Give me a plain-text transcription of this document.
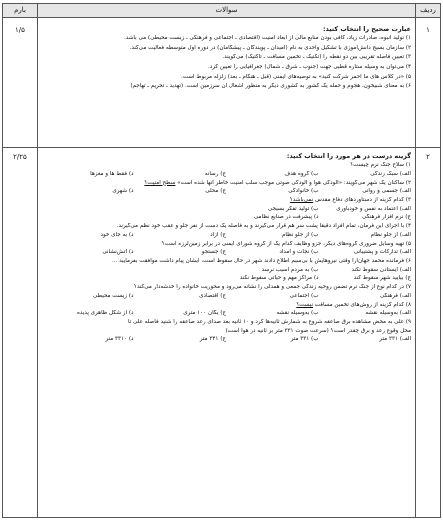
ردیف
سوالات
بارم
۱
۱/۵	عبارت صحیح را انتخاب کنید:
۱) تولید انبوه، صادرات زیاد، کافی بودن منابع مالی از ابعاد امنیت (اقتصادی ـ اجتماعی و فرهنگی ـ زیست محیطی) می باشد.
۲) سازمان بسیج دانش‌آموزی با تشکیل واحدی به نام (امیدان ـ پویندگان ـ پیشگامان) در دوره اول متوسطه فعالیت می‌کند.
۳) تعیین فاصله تقریبی بین دو نقطه را (تکنیک ـ تخمین مسافت ـ تاکتیک) می‌گویند.
۴) می‌توان به وسیله ستاره قطبی جهت (جنوب ـ شرق ـ شمال) جغرافیایی را تعیین کرد.
۵) «در کلاس های ما احمر شرکت کنید» به توصیه‌های ایمنی (قبل ـ هنگام ـ بعد) زلزله مربوط است.
۶) به معنای شبیخون، هجوم و حمله یک کشور به کشوری دیگر به منظور اشغال آن سرزمین است. (تهدید ـ تحریم ـ تهاجم)
۲
۲/۲۵	گزینه درست در هر مورد را انتخاب کنید:
۱) سلاح جنگ نرم چیست؟
الف) سبک زندگی
ب) گروه هدف
ج) رسانه
د) فقط ها و مغزها
۲) ساکنان یک شهر می‌گویند: «آلودگی هوا و آلودگی صوتی موجب سلب امنیت خاطر آنها شده است» سطح امنیت؟
الف) جسمی و روانی
ب) خانوادگی
ج) محلی
د) شهری
۳) کدام گزینه از دستاوردهای دفاع مقدس نمی‌باشد؟
الف) اعتماد به نفس و خودباوری
ب) تولید تفکر بسیجی
ج) نرم افزار فرهنگی
د) پیشرفت در صنایع نظامی
۴) با اجرای این فرمان، تمام افراد دقیقاً پشت سر هم قرار می‌گیرند و به فاصله یک دست از نفر جلو و عقب خود نظم می‌گیرند.
الف) از جلو نظام
ب) از جلو نظام
ج) آزاد
د) به جای خود
۵) تهیه وسایل ضروری گروه‌های دیگر، جزو وظایف کدام یک از گروه شورای ایمنی در برابر زمین‌لرزه است؟
الف) تدارکات و پشتیبانی
ب) نجات و امداد
ج) جستجو
د) آتش‌نشانی
۶) فرمانده محمد جهان‌آرا وقتی نیروهایش با بی‌سیم اطلاع دادند شهر در حال سقوط است، ایشان پیام داشت موافقت بفرمایید ...
الف) ایستادن سقوط نکند
ب) به مردم آسیب نرسد
ج) بیایید شهر سقوط کند
د) مراکز مهم و حیاتی سقوط نکند
۷) در کدام نوع از جنگ نرم تضمن روحیه زندگی جمعی و همدلی را نشانه می‌رود و محوریت خانواده را خدشه‌دار می‌کند؟
الف) فرهنگی
ب) اجتماعی
ج) اقتصادی
د) زیست محیطی
۸) کدام گزینه از روش‌های تخمین مسافت نیست؟
الف) به‌وسیله نقشه
ب) به‌وسیله نقشه
ج) یگان ۱۰۰ متری
د) از شکل ظاهری پدیده
۹) علی به محض مشاهده برق صاعقه شروع به شمارش ثانیه‌ها کرد و ۱۰ ثانیه بعد صدای رعد صاعقه را شنید فاصله علی تا
محل وقوع رعد و برق چقدر است؟ (سرعت صوت ۳۳۱ متر بر ثانیه در هوا است)
الف) ۳۳۱ متر
ب) ۳۳۱ متر
ج) ۳۴۱ متر
د) ۳۳۱۰ متر
